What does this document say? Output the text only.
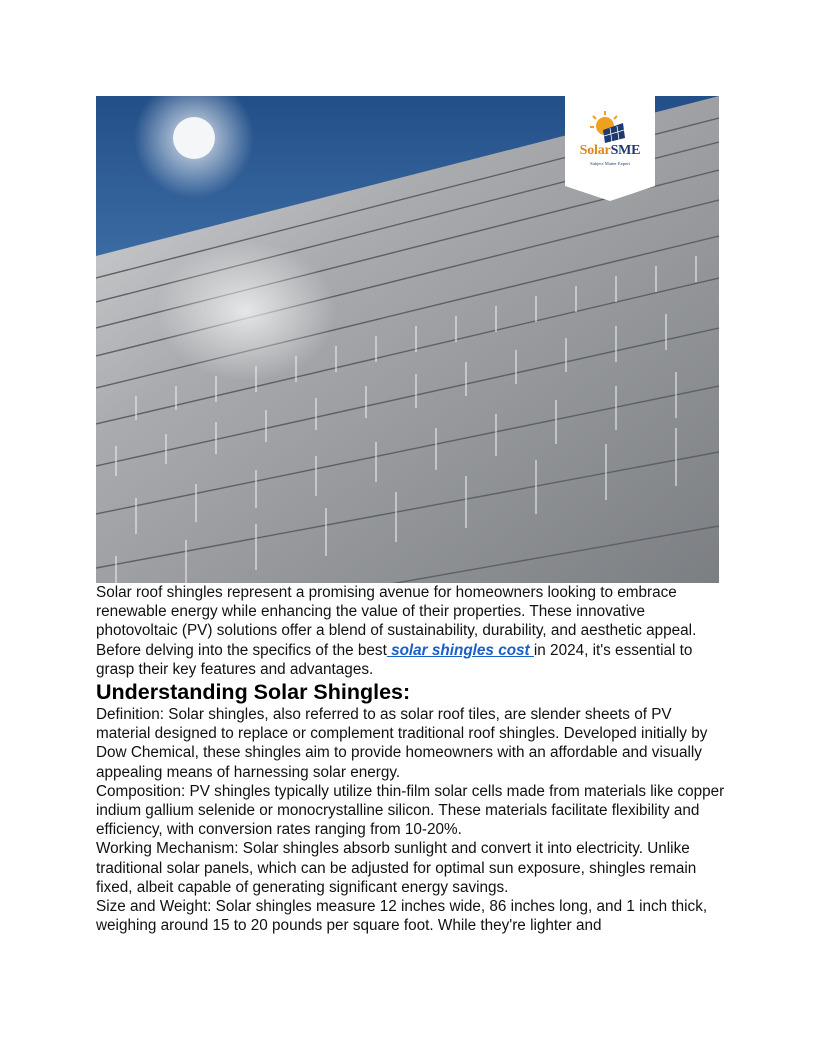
SolarSME
Subject Matter Expert

Solar roof shingles represent a promising avenue for homeowners looking to embrace renewable energy while enhancing the value of their properties. These innovative photovoltaic (PV) solutions offer a blend of sustainability, durability, and aesthetic appeal. Before delving into the specifics of the best solar shingles cost in 2024, it's essential to grasp their key features and advantages.

Understanding Solar Shingles:

Definition: Solar shingles, also referred to as solar roof tiles, are slender sheets of PV material designed to replace or complement traditional roof shingles. Developed initially by Dow Chemical, these shingles aim to provide homeowners with an affordable and visually appealing means of harnessing solar energy.

Composition: PV shingles typically utilize thin-film solar cells made from materials like copper indium gallium selenide or monocrystalline silicon. These materials facilitate flexibility and efficiency, with conversion rates ranging from 10-20%.

Working Mechanism: Solar shingles absorb sunlight and convert it into electricity. Unlike traditional solar panels, which can be adjusted for optimal sun exposure, shingles remain fixed, albeit capable of generating significant energy savings.

Size and Weight: Solar shingles measure 12 inches wide, 86 inches long, and 1 inch thick, weighing around 15 to 20 pounds per square foot. While they're lighter and
